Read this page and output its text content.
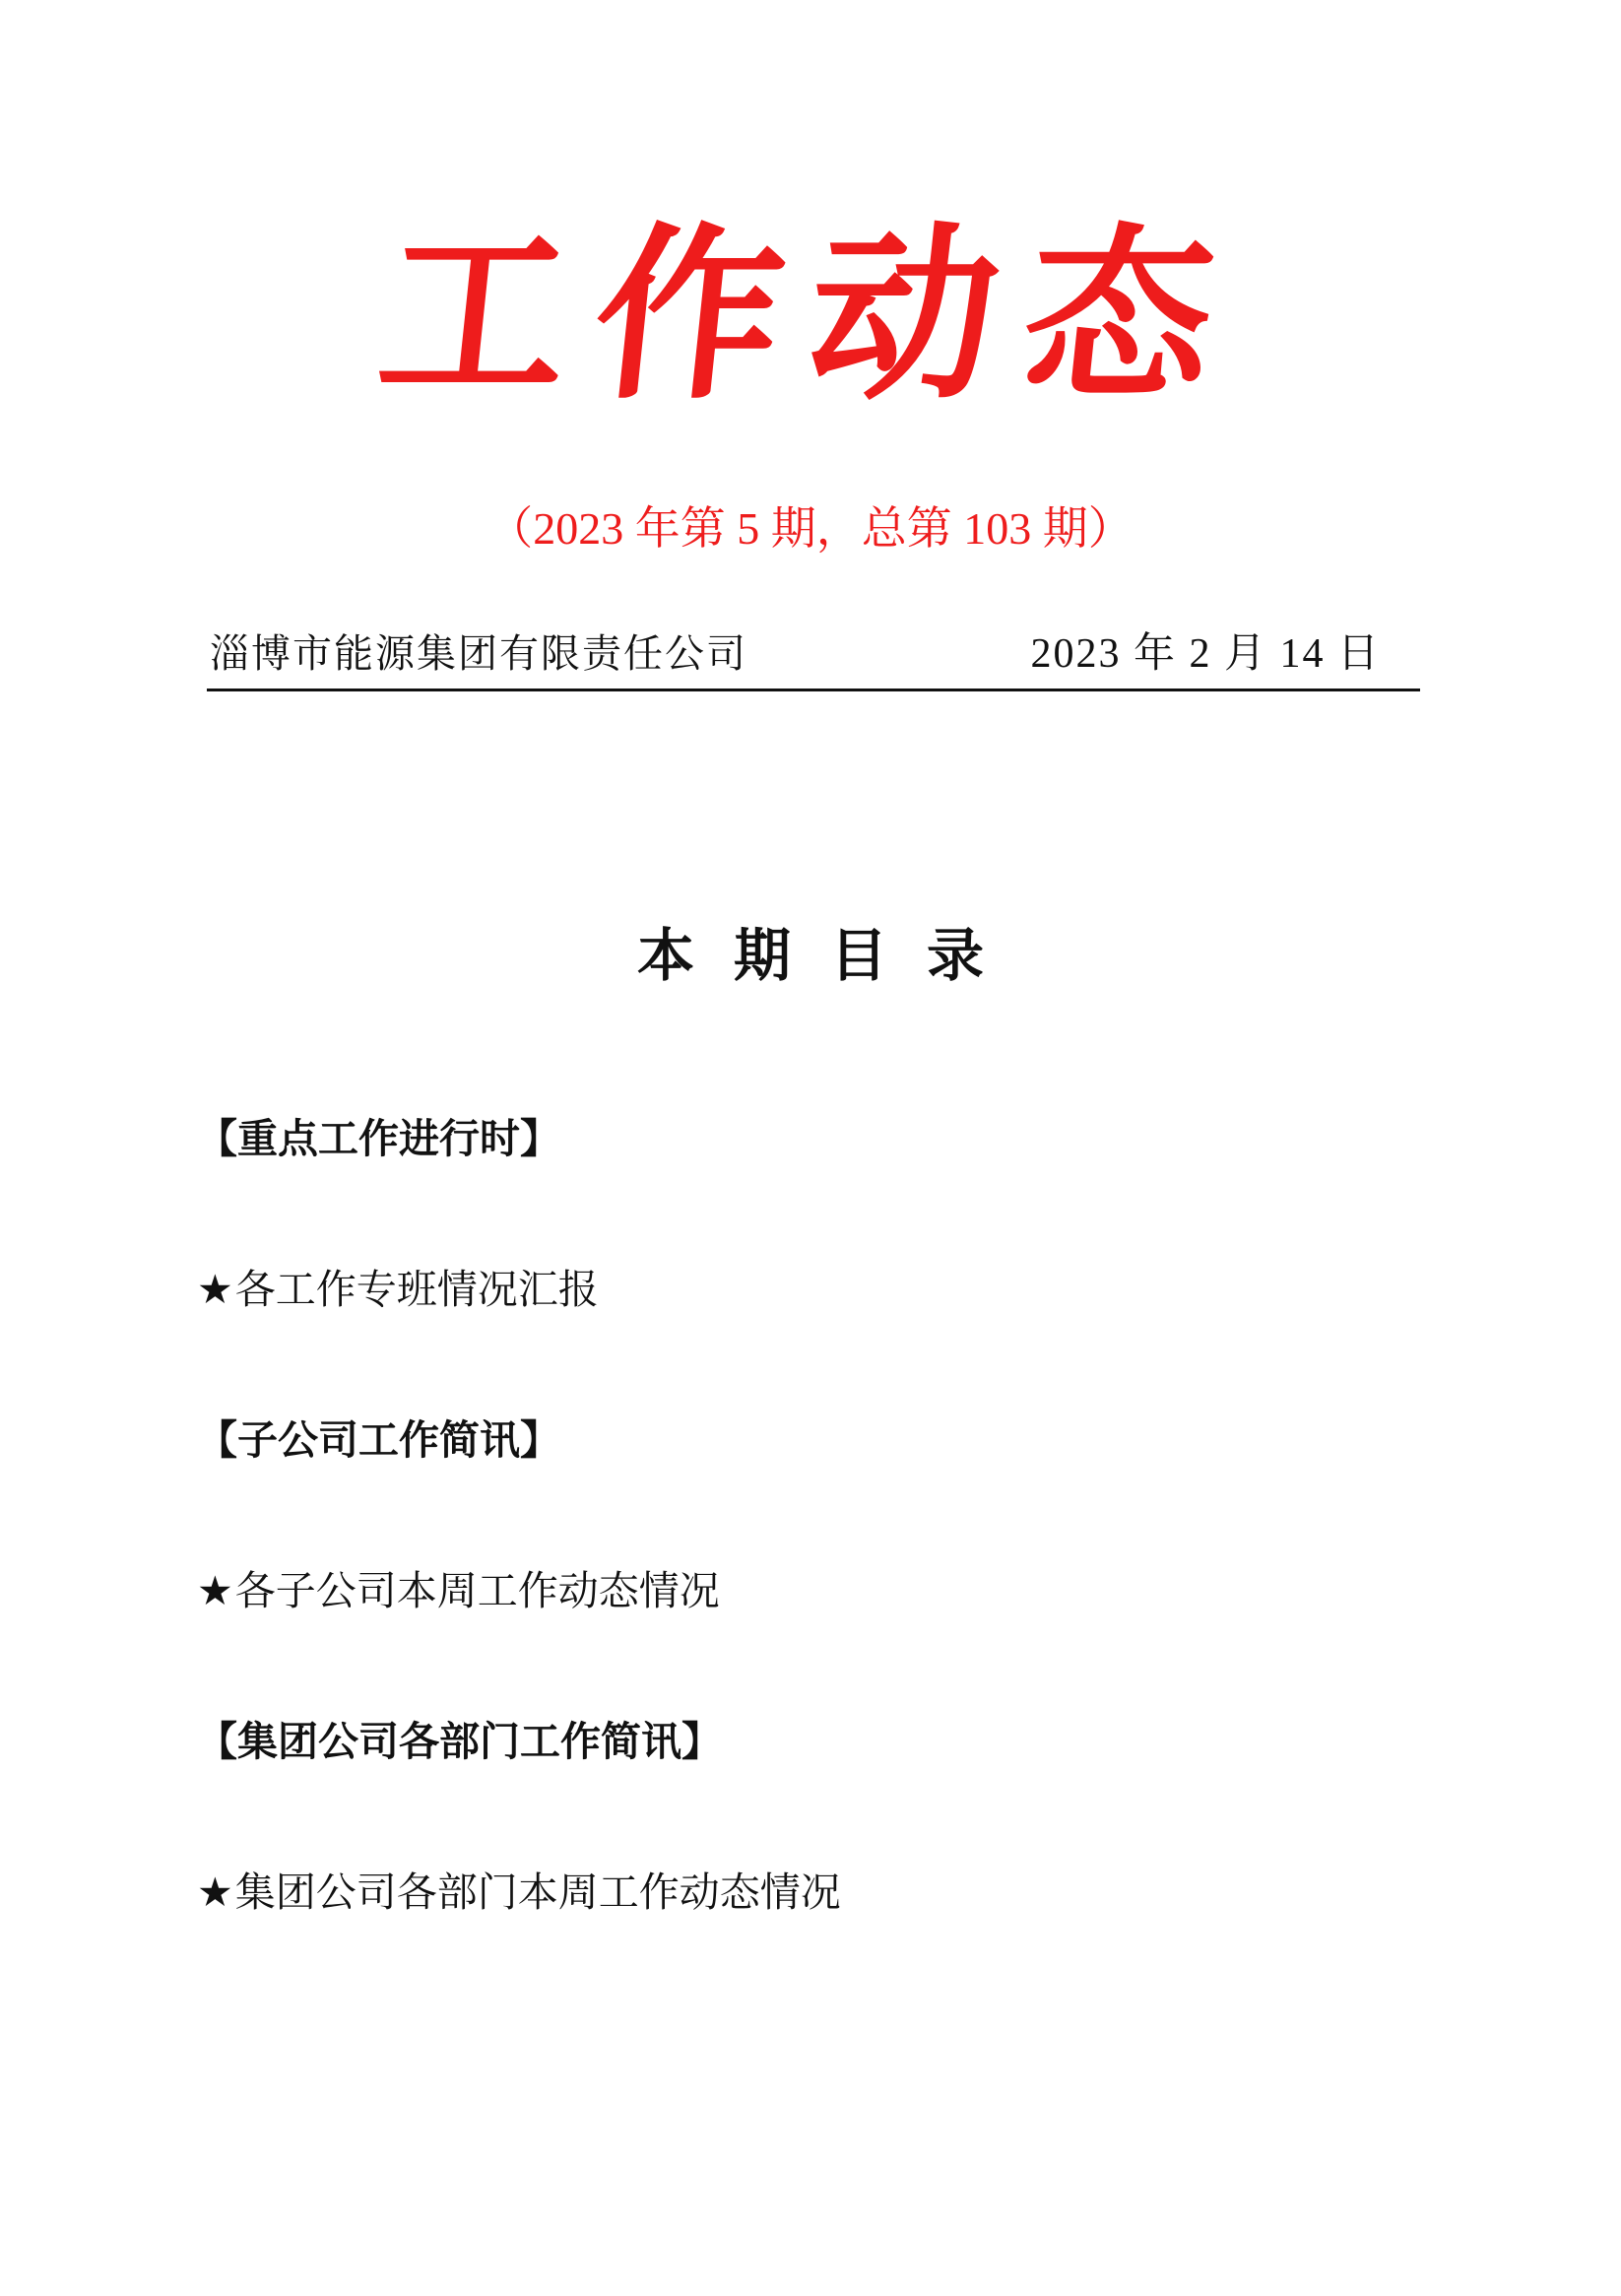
工作动态
（2023 年第 5 期，总第 103 期）
淄博市能源集团有限责任公司	2023 年 2 月 14 日
本期目录
【重点工作进行时】
★各工作专班情况汇报
【子公司工作简讯】
★各子公司本周工作动态情况
【集团公司各部门工作简讯】
★集团公司各部门本周工作动态情况
